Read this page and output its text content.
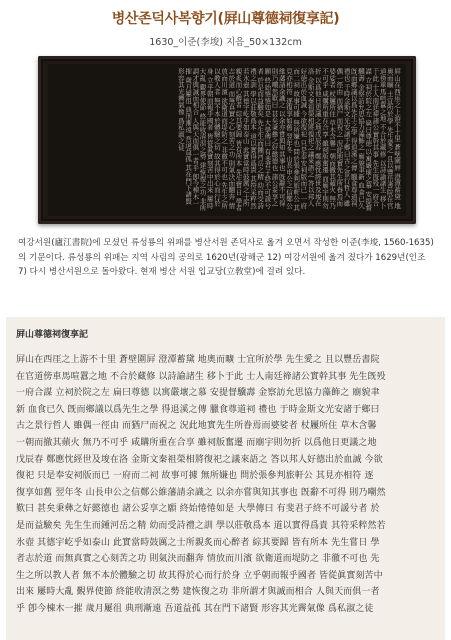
병산존덕사복향기(屛山尊德祠復享記)
1630_이준(李埈) 지음_50×132cm
屛山在西厓之上游不十里 蒼壁圍屛 澄潭蓄黛 地奧而曠 士宜所於學 先生愛之 且以豐岳書院在官道傍車馬喧囂之地 不合於藏修 以詩諭諸生 移卜于此 士人南廷禘諸公實幹其事 先生旣殁一府合謀 立祠於院之左 扁曰尊德 以寓嚴壞之慕 安提督驥壽 金察訪允思協力藻飾之 廟貌聿新 血食已久 旣而鄉議以爲先生之學 得退溪之傳 臘食尊道祠 禮也 于時金斯文光安諸于鄉曰古之景行哲人 雖偶一徑由 而猶尸而祝之 況此地實先生所眷焉而婆娑者 杖屨所住 草木含馨一朝而撤其蘋火 無乃不可乎 咸購所重在合享 雖祠版奮遷 而廟宇則勿折 以爲他日更議之地戊辰春 鄭應忱經世及埈在洛 金斯文秦祖榮相將復祀之議來語之 答以邦人好德出於血誠 今欲復祀 只是奉安祠版而已 一府而二祠 故事可據 無所嫌也 問於張參判旅軒公 其見亦相符 逐復享如舊 翌年冬 山長申公之信鄭公維藩請余識之 以余亦嘗與知其事也 旣辭不可得 則乃嘲然歎曰 甚矣秉彝之好懿德也 諸公妥享之願 終始惓惓如是 大學傳曰 有斐君子終不可諼兮者 於是而益驗矣 先生生而鍾河岳之精 幼而受詩禮之訓 學以莊敬爲本 道以實得爲貴 其符采粹然若氷壺 其德宇屹乎如泰山 此實當時鼓厲之士所親炙而心醉者 綜其要歸 皆有所本 先生嘗日 學者志於道 而無真實之心刻苦之功 則氣決而翻奔 情放而川濱 欲衛道而堤防之 非徹不可也 先生之所以教人者 無不本於體驗之切 故其得於心而行於身 立乎朝而報乎國者 皆從眞實刻苦中出來 屢時大亂 覲界使節 終能收清溟之勢 建恢復之功 非所謂才與誠而相合 人與天而俱一者乎 卽今棟木一摧 歲月屢徂 典刑漸遠 吾道益孤 其在門下諸賢 形容其光霽氣像 爲私淑之徒
여강서원(廬江書院)에 모셨던 류성룡의 위패를 병산서원 존덕사로 옮겨 오면서 작성한 이준(李埈, 1560-1635)의 기문이다. 류성룡의 위패는 지역 사림의 공의로 1620년(광해군 12) 여강서원에 옮겨 졌다가 1629년(인조 7) 다시 병산서원으로 돌아왔다. 현재 병산 서원 입교당(立敎堂)에 걸려 있다.
屛山尊德祠復享記
屛山在西厓之上游不十里 蒼壁圍屛 澄潭蓄黛 地奧而曠 士宜所於學 先生愛之 且以豐岳書院
在官道傍車馬喧囂之地 不合於藏修 以詩諭諸生 移卜于此 士人南廷禘諸公實幹其事 先生旣殁
一府合謀 立祠於院之左 扁曰尊德 以寓嚴壞之慕 安提督驥壽 金察訪允思協力藻飾之 廟貌聿
新 血食已久 旣而鄉議以爲先生之學 得退溪之傳 臘食尊道祠 禮也 于時金斯文光安諸于鄉曰
古之景行哲人 雖偶一徑由 而猶尸而祝之 況此地實先生所眷焉而婆娑者 杖屨所住 草木含馨
一朝而撤其蘋火 無乃不可乎 咸購所重在合享 雖祠版奮遷 而廟宇則勿折 以爲他日更議之地
戊辰春 鄭應忱經世及埈在洛 金斯文秦祖榮相將復祀之議來語之 答以邦人好德出於血誠 今欲
復祀 只是奉安祠版而已 一府而二祠 故事可據 無所嫌也 問於張參判旅軒公 其見亦相符 逐
復享如舊 翌年冬 山長申公之信鄭公維藩請余識之 以余亦嘗與知其事也 旣辭不可得 則乃嘲然
歎曰 甚矣秉彝之好懿德也 諸公妥享之願 終始惓惓如是 大學傳曰 有斐君子終不可諼兮者 於
是而益驗矣 先生生而鍾河岳之精 幼而受詩禮之訓 學以莊敬爲本 道以實得爲貴 其符采粹然若
氷壺 其德宇屹乎如泰山 此實當時鼓厲之士所親炙而心醉者 綜其要歸 皆有所本 先生嘗日 學
者志於道 而無真實之心刻苦之功 則氣決而翻奔 情放而川濱 欲衛道而堤防之 非徹不可也 先
生之所以教人者 無不本於體驗之切 故其得於心而行於身 立乎朝而報乎國者 皆從眞實刻苦中
出來 屢時大亂 覲界使節 終能收清溟之勢 建恢復之功 非所謂才與誠而相合 人與天而俱一者
乎 卽今棟木一摧 歲月屢徂 典刑漸遠 吾道益孤 其在門下諸賢 形容其光霽氣像 爲私淑之徒
